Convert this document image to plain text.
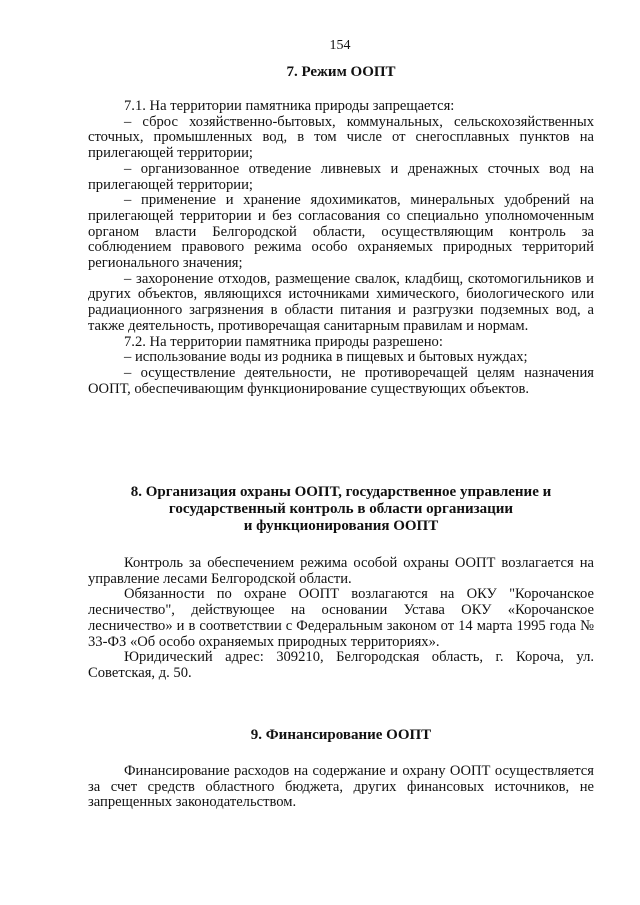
154
7. Режим ООПТ

7.1. На территории памятника природы запрещается:

– сброс хозяйственно-бытовых, коммунальных, сельскохозяйственных сточных, промышленных вод, в том числе от снегосплавных пунктов на прилегающей территории;

– организованное отведение ливневых и дренажных сточных вод на прилегающей территории;

– применение и хранение ядохимикатов, минеральных удобрений на прилегающей территории и без согласования со специально уполномоченным органом власти Белгородской области, осуществляющим контроль за соблюдением правового режима особо охраняемых природных территорий регионального значения;

– захоронение отходов, размещение свалок, кладбищ, скотомогильников и других объектов, являющихся источниками химического, биологического или радиационного загрязнения в области питания и разгрузки подземных вод, а также деятельность, противоречащая санитарным правилам и нормам.

7.2. На территории памятника природы разрешено:

– использование воды из родника в пищевых и бытовых нуждах;

– осуществление деятельности, не противоречащей целям назначения ООПТ, обеспечивающим функционирование существующих объектов.

8. Организация охраны ООПТ, государственное управление и
государственный контроль в области организации
и функционирования ООПТ

Контроль за обеспечением режима особой охраны ООПТ возлагается на управление лесами Белгородской области.

Обязанности по охране ООПТ возлагаются на ОКУ "Корочанское лесничество", действующее на основании Устава ОКУ «Корочанское лесничество» и в соответствии с Федеральным законом от 14 марта 1995 года № 33-ФЗ «Об особо охраняемых природных территориях».

Юридический адрес: 309210, Белгородская область, г. Короча, ул. Советская, д. 50.

9. Финансирование ООПТ

Финансирование расходов на содержание и охрану ООПТ осуществляется за счет средств областного бюджета, других финансовых источников, не запрещенных законодательством.
